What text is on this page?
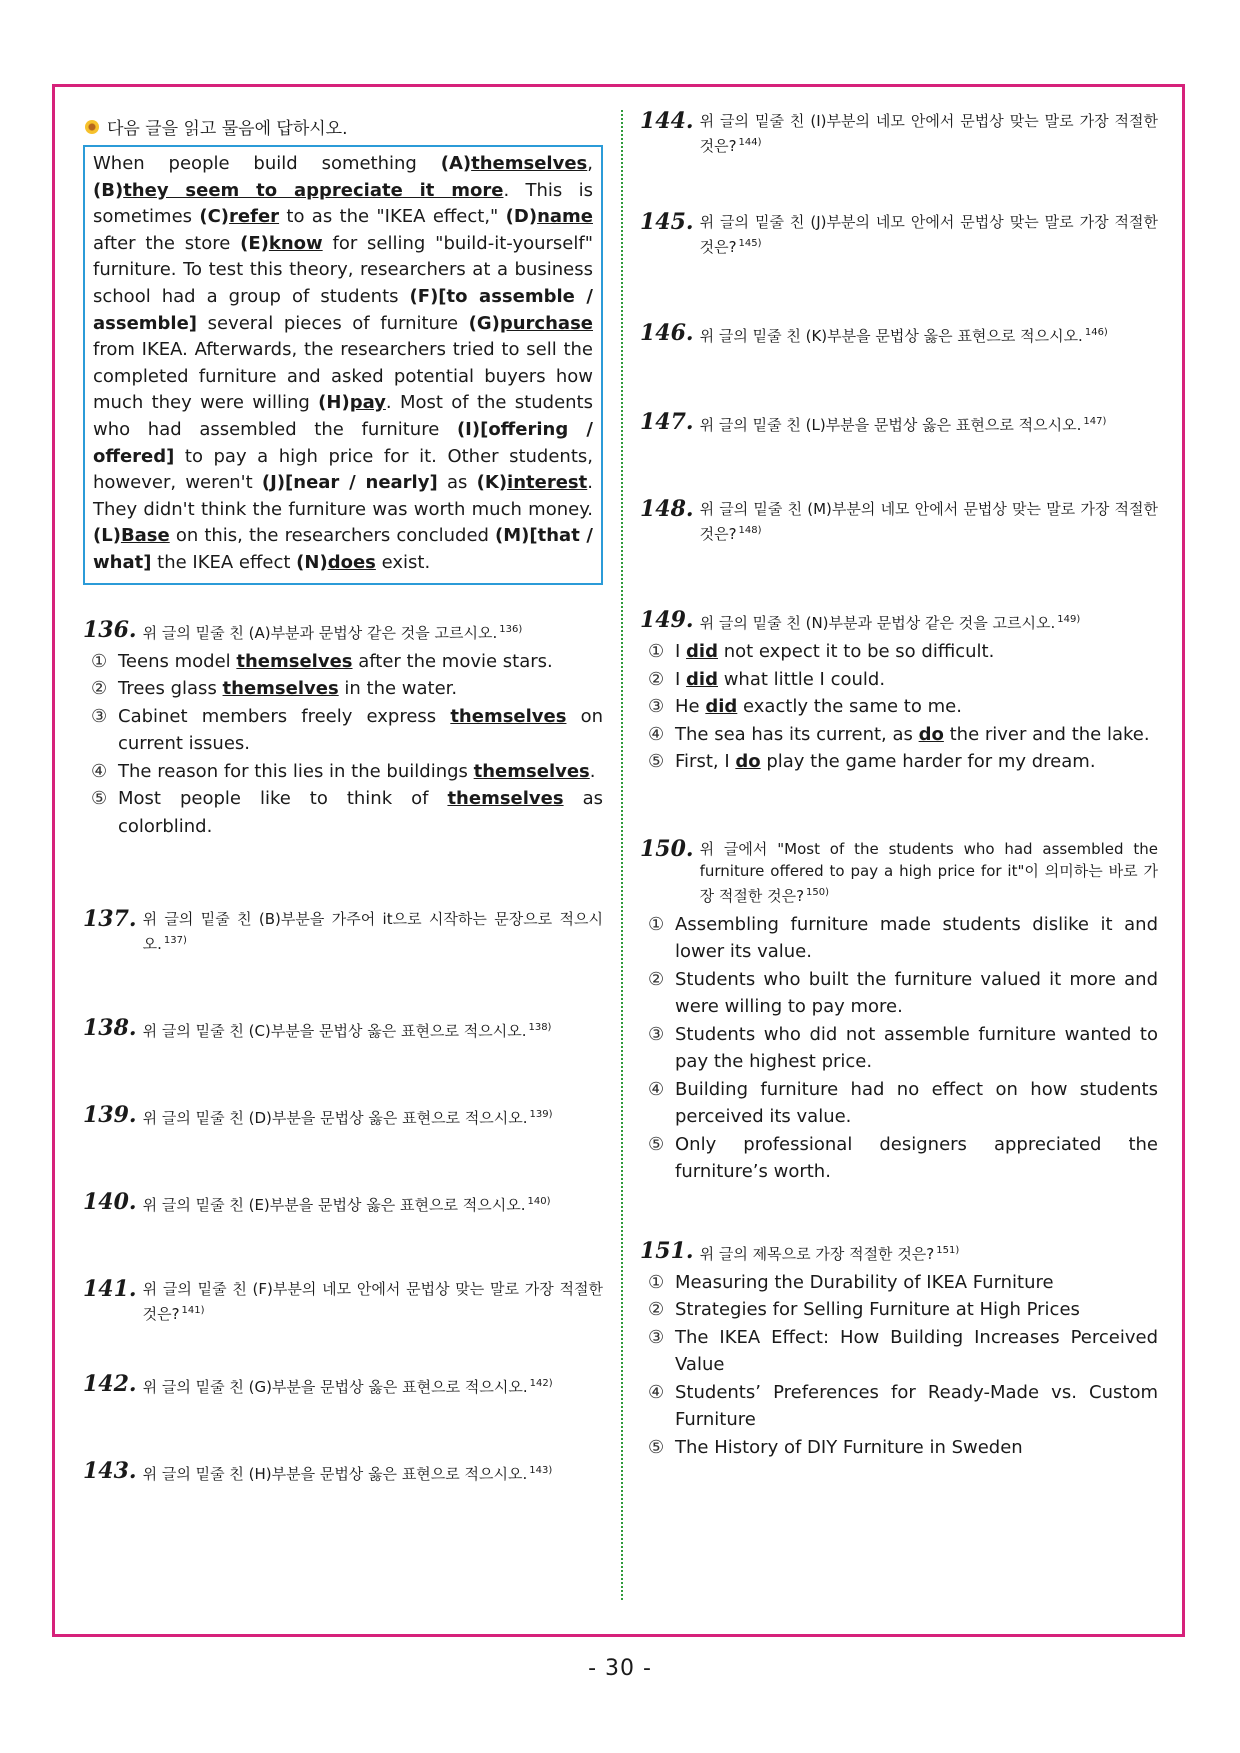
다음 글을 읽고 물음에 답하시오.
When people build something (A)themselves, (B)they seem to appreciate it more. This is sometimes (C)refer to as the "IKEA effect," (D)name after the store (E)know for selling "build-it-yourself" furniture. To test this theory, researchers at a business school had a group of students (F)[to assemble / assemble] several pieces of furniture (G)purchase from IKEA. Afterwards, the researchers tried to sell the completed furniture and asked potential buyers how much they were willing (H)pay. Most of the students who had assembled the furniture (I)[offering / offered] to pay a high price for it. Other students, however, weren't (J)[near / nearly] as (K)interest. They didn't think the furniture was worth much money. (L)Base on this, the researchers concluded (M)[that / what] the IKEA effect (N)does exist.
136. 위 글의 밑줄 친 (A)부분과 문법상 같은 것을 고르시오. $^{136)}$
① Teens model themselves after the movie stars.
② Trees glass themselves in the water.
③ Cabinet members freely express themselves on current issues.
④ The reason for this lies in the buildings themselves.
⑤ Most people like to think of themselves as colorblind.
137. 위 글의 밑줄 친 (B)부분을 가주어 it으로 시작하는 문장으로 적으시오. $^{137)}$
138. 위 글의 밑줄 친 (C)부분을 문법상 옳은 표현으로 적으시오. $^{138)}$
139. 위 글의 밑줄 친 (D)부분을 문법상 옳은 표현으로 적으시오. $^{139)}$
140. 위 글의 밑줄 친 (E)부분을 문법상 옳은 표현으로 적으시오. $^{140)}$
141. 위 글의 밑줄 친 (F)부분의 네모 안에서 문법상 맞는 말로 가장 적절한 것은? $^{141)}$
142. 위 글의 밑줄 친 (G)부분을 문법상 옳은 표현으로 적으시오. $^{142)}$
143. 위 글의 밑줄 친 (H)부분을 문법상 옳은 표현으로 적으시오. $^{143)}$
144. 위 글의 밑줄 친 (I)부분의 네모 안에서 문법상 맞는 말로 가장 적절한 것은? $^{144)}$
145. 위 글의 밑줄 친 (J)부분의 네모 안에서 문법상 맞는 말로 가장 적절한 것은? $^{145)}$
146. 위 글의 밑줄 친 (K)부분을 문법상 옳은 표현으로 적으시오. $^{146)}$
147. 위 글의 밑줄 친 (L)부분을 문법상 옳은 표현으로 적으시오. $^{147)}$
148. 위 글의 밑줄 친 (M)부분의 네모 안에서 문법상 맞는 말로 가장 적절한 것은? $^{148)}$
149. 위 글의 밑줄 친 (N)부분과 문법상 같은 것을 고르시오. $^{149)}$
① I did not expect it to be so difficult.
② I did what little I could.
③ He did exactly the same to me.
④ The sea has its current, as do the river and the lake.
⑤ First, I do play the game harder for my dream.
150. 위 글에서 "Most of the students who had assembled the furniture offered to pay a high price for it"이 의미하는 바로 가장 적절한 것은? $^{150)}$
① Assembling furniture made students dislike it and lower its value.
② Students who built the furniture valued it more and were willing to pay more.
③ Students who did not assemble furniture wanted to pay the highest price.
④ Building furniture had no effect on how students perceived its value.
⑤ Only professional designers appreciated the furniture’s worth.
151. 위 글의 제목으로 가장 적절한 것은? $^{151)}$
① Measuring the Durability of IKEA Furniture
② Strategies for Selling Furniture at High Prices
③ The IKEA Effect: How Building Increases Perceived Value
④ Students’ Preferences for Ready-Made vs. Custom Furniture
⑤ The History of DIY Furniture in Sweden
- 30 -
